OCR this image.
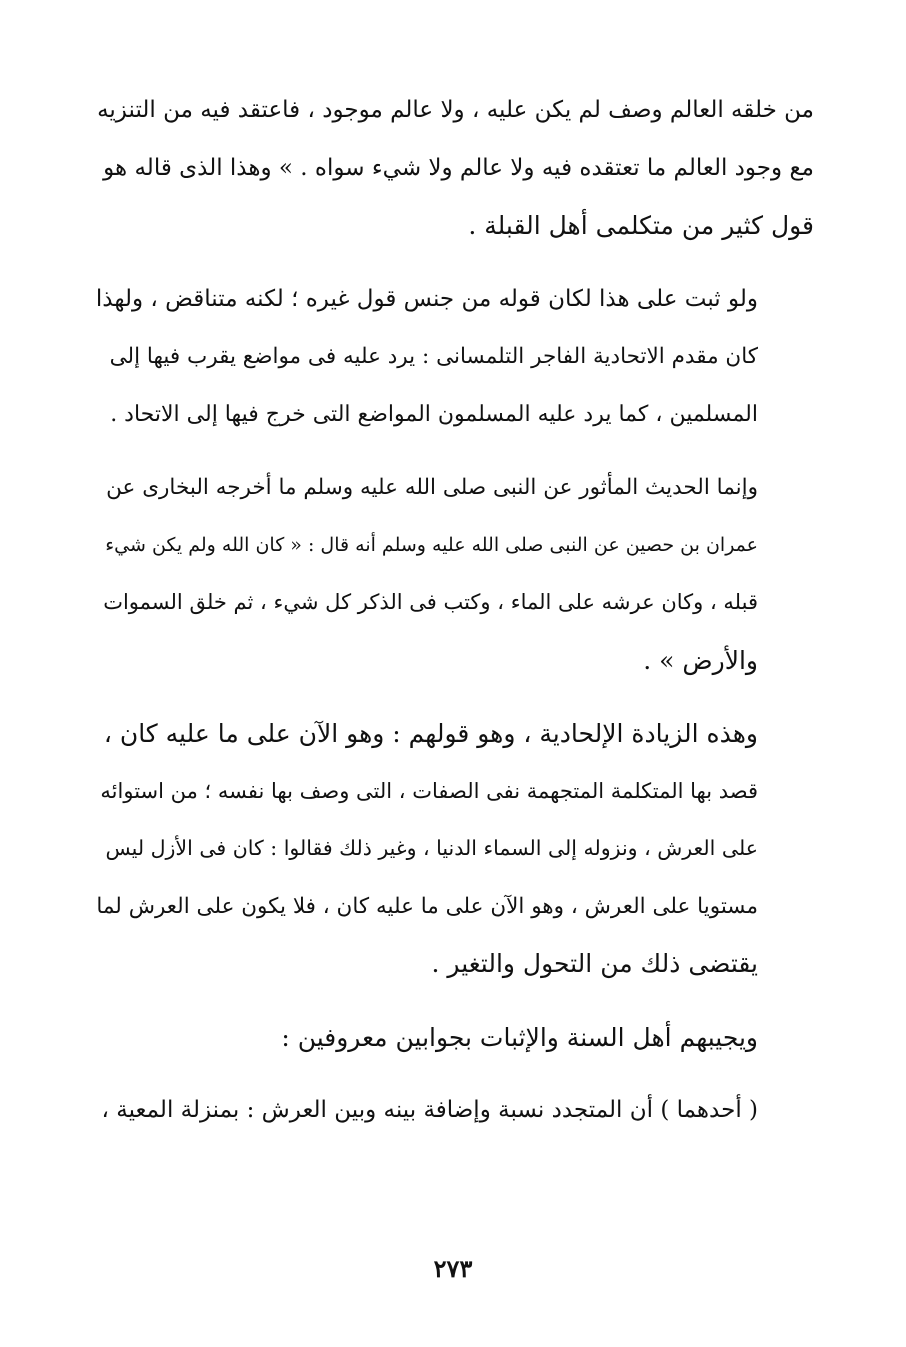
من خلقه العالم وصف لم يكن عليه ، ولا عالم موجود ، فاعتقد فيه من التنزيه
مع وجود العالم ما تعتقده فيه ولا عالم ولا شيء سواه . » وهذا الذى قاله هو
قول كثير من متكلمى أهل القبلة .

ولو ثبت على هذا لكان قوله من جنس قول غيره ؛ لكنه متناقض ، ولهذا
كان مقدم الاتحادية الفاجر التلمسانى : يرد عليه فى مواضع يقرب فيها إلى
المسلمين ، كما يرد عليه المسلمون المواضع التى خرج فيها إلى الاتحاد .

وإنما الحديث المأثور عن النبى صلى الله عليه وسلم ما أخرجه البخارى عن
عمران بن حصين عن النبى صلى الله عليه وسلم أنه قال : « كان الله ولم يكن شيء
قبله ، وكان عرشه على الماء ، وكتب فى الذكر كل شيء ، ثم خلق السموات
والأرض » .

وهذه الزيادة الإلحادية ، وهو قولهم : وهو الآن على ما عليه كان ،
قصد بها المتكلمة المتجهمة نفى الصفات ، التى وصف بها نفسه ؛ من استوائه
على العرش ، ونزوله إلى السماء الدنيا ، وغير ذلك فقالوا : كان فى الأزل ليس
مستويا على العرش ، وهو الآن على ما عليه كان ، فلا يكون على العرش لما
يقتضى ذلك من التحول والتغير .

ويجيبهم أهل السنة والإثبات بجوابين معروفين :

( أحدهما ) أن المتجدد نسبة وإضافة بينه وبين العرش : بمنزلة المعية ،

٢٧٣
